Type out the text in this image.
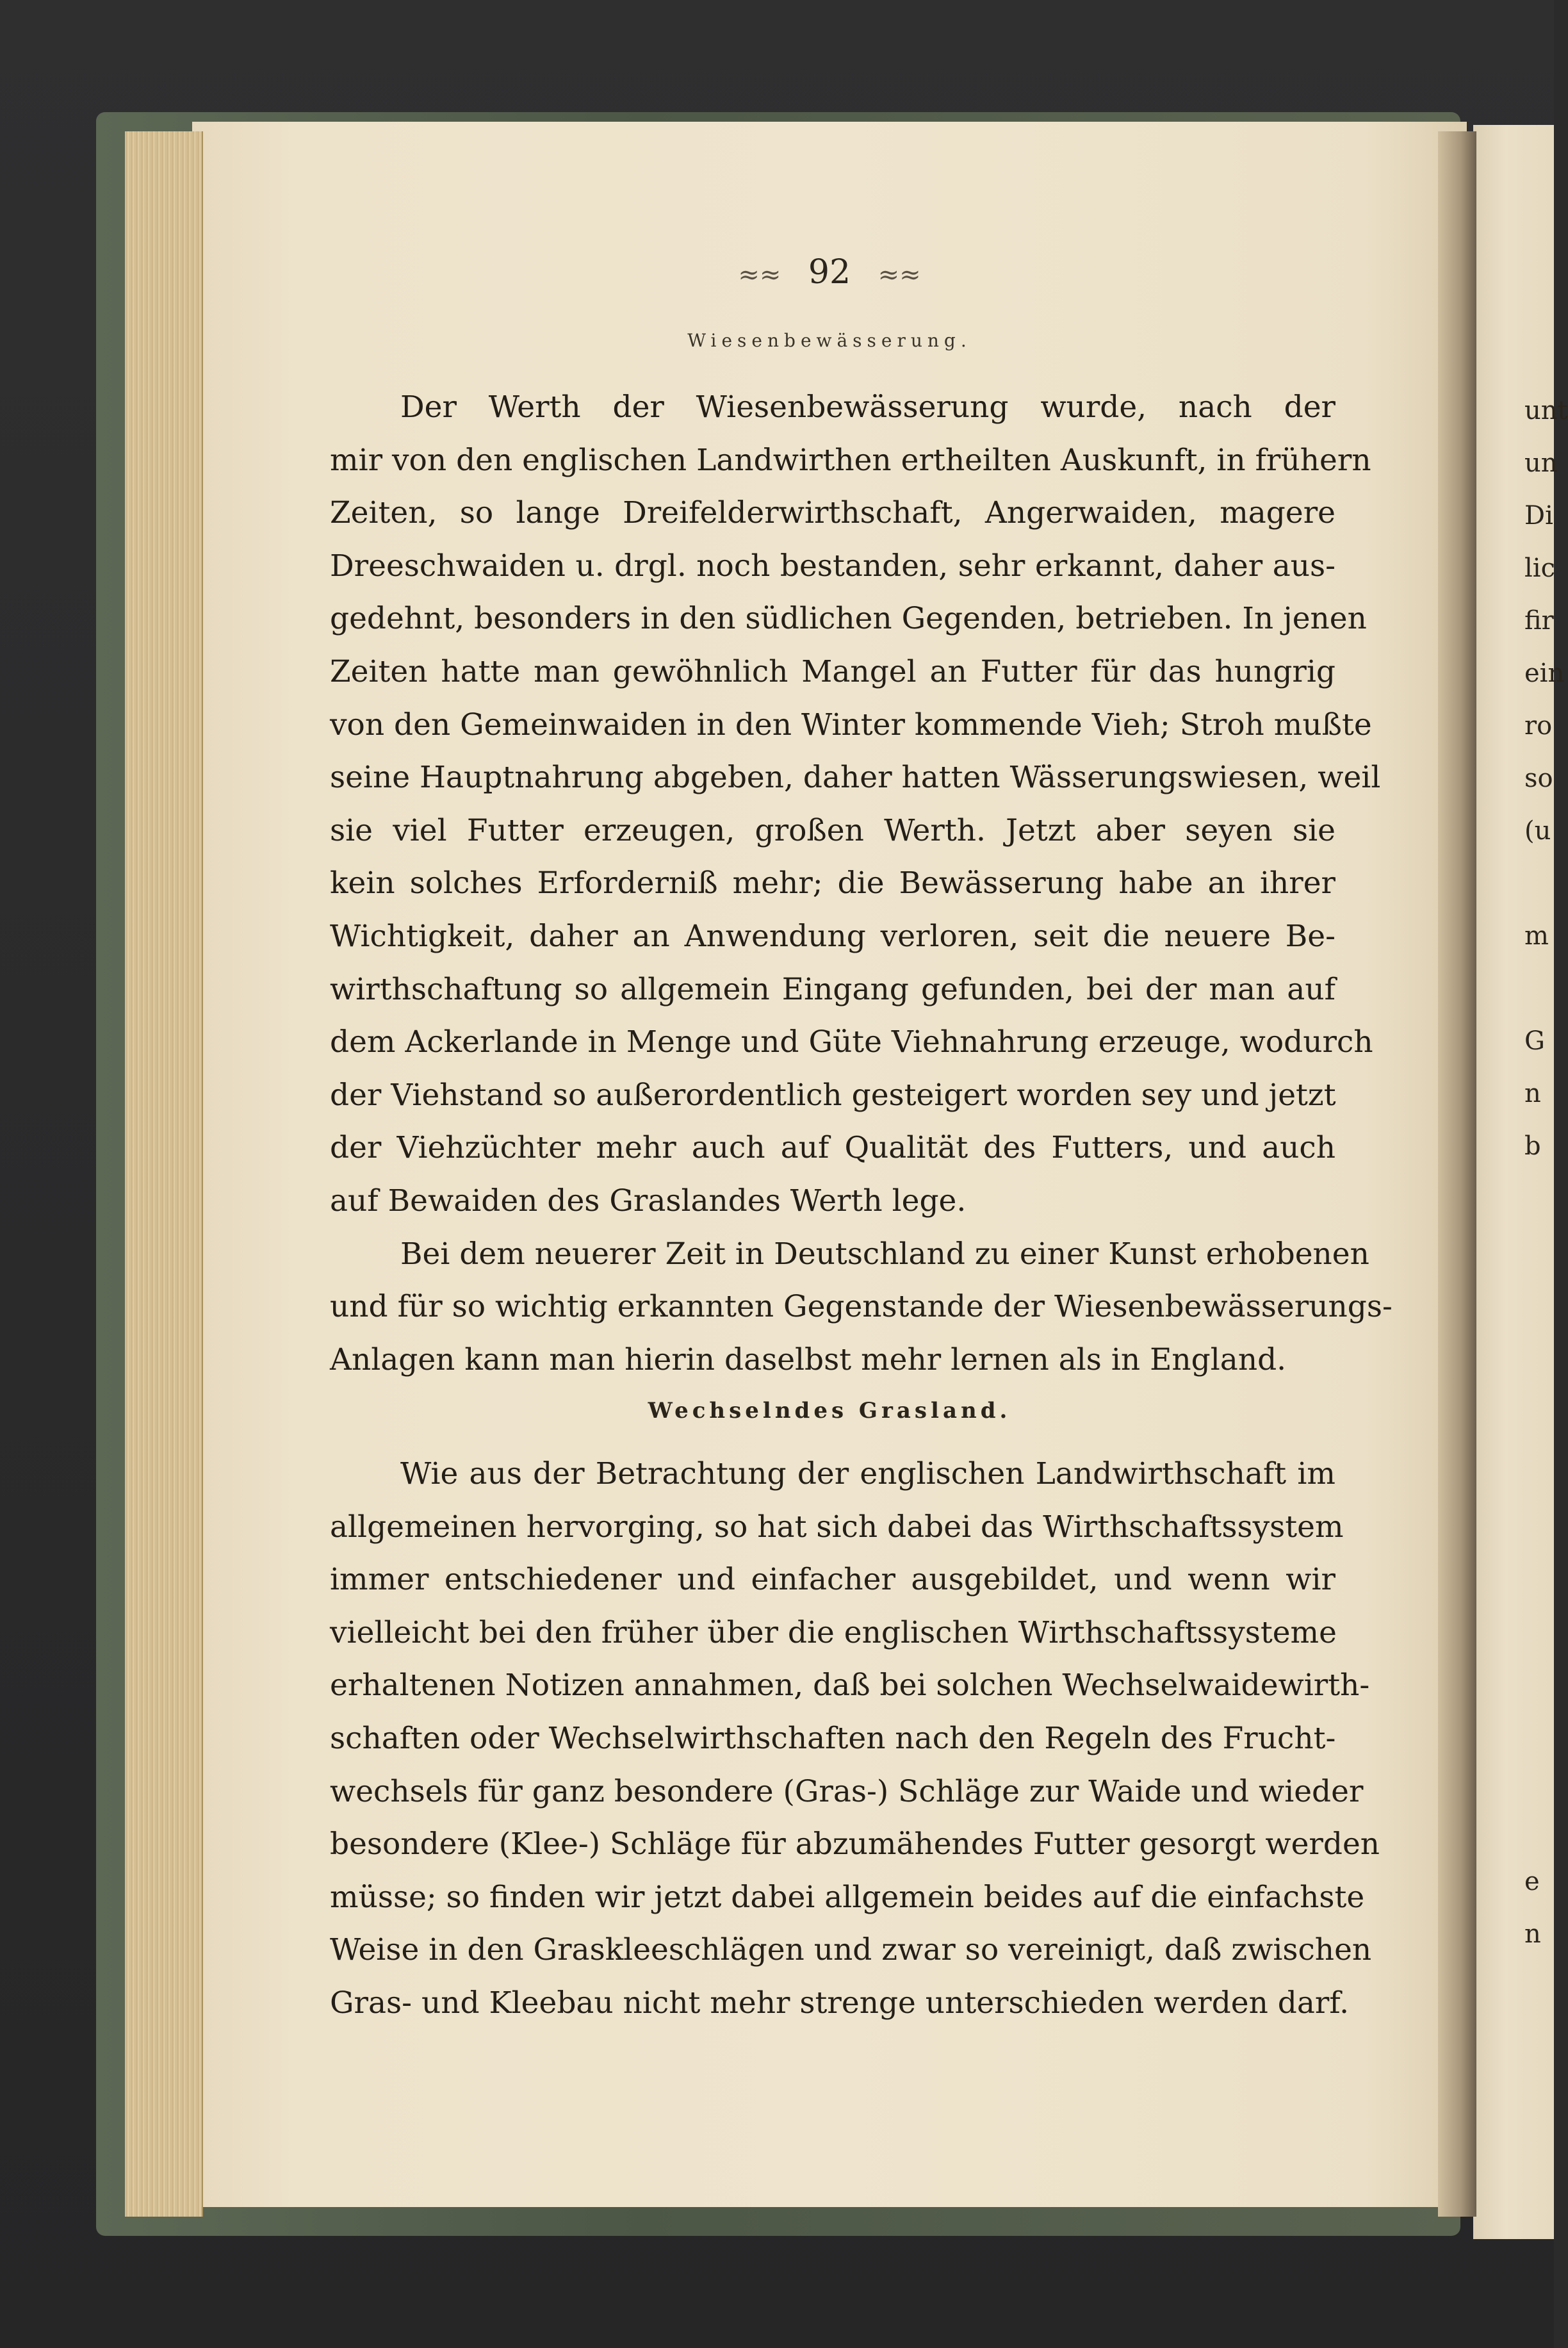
unt
un
Di
lic
fir
ein
ro
so
(u
m
G
n
b
e
n
≈≈ 92 ≈≈
Wiesenbewässerung.
Der Werth der Wiesenbewässerung wurde, nach der
mir von den englischen Landwirthen ertheilten Auskunft, in frühern
Zeiten, so lange Dreifelderwirthschaft, Angerwaiden, magere
Dreeschwaiden u. drgl. noch bestanden, sehr erkannt, daher aus-
gedehnt, besonders in den südlichen Gegenden, betrieben. In jenen
Zeiten hatte man gewöhnlich Mangel an Futter für das hungrig
von den Gemeinwaiden in den Winter kommende Vieh; Stroh mußte
seine Hauptnahrung abgeben, daher hatten Wässerungswiesen, weil
sie viel Futter erzeugen, großen Werth. Jetzt aber seyen sie
kein solches Erforderniß mehr; die Bewässerung habe an ihrer
Wichtigkeit, daher an Anwendung verloren, seit die neuere Be-
wirthschaftung so allgemein Eingang gefunden, bei der man auf
dem Ackerlande in Menge und Güte Viehnahrung erzeuge, wodurch
der Viehstand so außerordentlich gesteigert worden sey und jetzt
der Viehzüchter mehr auch auf Qualität des Futters, und auch
auf Bewaiden des Graslandes Werth lege.
Bei dem neuerer Zeit in Deutschland zu einer Kunst erhobenen
und für so wichtig erkannten Gegenstande der Wiesenbewässerungs-
Anlagen kann man hierin daselbst mehr lernen als in England.
Wechselndes Grasland.
Wie aus der Betrachtung der englischen Landwirthschaft im
allgemeinen hervorging, so hat sich dabei das Wirthschaftssystem
immer entschiedener und einfacher ausgebildet, und wenn wir
vielleicht bei den früher über die englischen Wirthschaftssysteme
erhaltenen Notizen annahmen, daß bei solchen Wechselwaidewirth-
schaften oder Wechselwirthschaften nach den Regeln des Frucht-
wechsels für ganz besondere (Gras-) Schläge zur Waide und wieder
besondere (Klee-) Schläge für abzumähendes Futter gesorgt werden
müsse; so finden wir jetzt dabei allgemein beides auf die einfachste
Weise in den Graskleeschlägen und zwar so vereinigt, daß zwischen
Gras- und Kleebau nicht mehr strenge unterschieden werden darf.
